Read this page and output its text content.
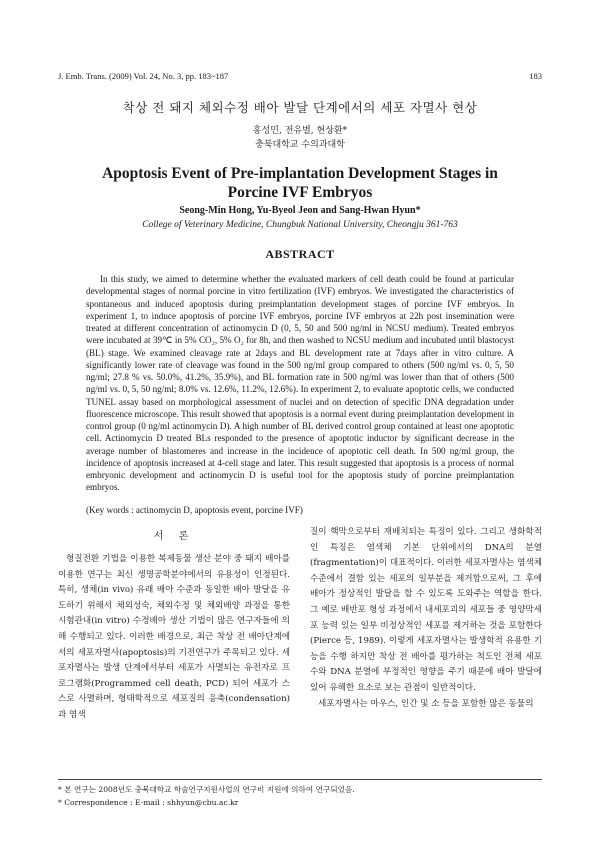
J. Emb. Trans. (2009) Vol. 24, No. 3, pp. 183~187	183
착상 전 돼지 체외수정 배아 발달 단계에서의 세포 자멸사 현상
홍성민, 전유별, 현상환*
충북대학교 수의과대학
Apoptosis Event of Pre-implantation Development Stages in
Porcine IVF Embryos
Seong-Min Hong, Yu-Byeol Jeon and Sang-Hwan Hyun*
College of Veterinary Medicine, Chungbuk National University, Cheongju 361-763
ABSTRACT

In this study, we aimed to determine whether the evaluated markers of cell death could be found at particular developmental stages of normal porcine in vitro fertilization (IVF) embryos. We investigated the characteristics of spontaneous and induced apoptosis during preimplantation development stages of porcine IVF embryos. In experiment 1, to induce apoptosis of porcine IVF embryos, porcine IVF embryos at 22h post insemination were treated at different concentration of actinomycin D (0, 5, 50 and 500 ng/ml in NCSU medium). Treated embryos were incubated at 39℃ in 5% CO₂, 5% O₂ for 8h, and then washed to NCSU medium and incubated until blastocyst (BL) stage. We examined cleavage rate at 2days and BL development rate at 7days after in vitro culture. A significantly lower rate of cleavage was found in the 500 ng/ml group compared to others (500 ng/ml vs. 0, 5, 50 ng/ml; 27.8 % vs. 50.0%, 41.2%, 35.9%), and BL formation rate in 500 ng/ml was lower than that of others (500 ng/ml vs. 0, 5, 50 ng/ml; 8.0% vs. 12.6%, 11.2%, 12.6%). In experiment 2, to evaluate apoptotic cells, we conducted TUNEL assay based on morphological assessment of nuclei and on detection of specific DNA degradation under fluorescence microscope. This result showed that apoptosis is a normal event during preimplantation development in control group (0 ng/ml actinomycin D). A high number of BL derived control group contained at least one apoptotic cell. Actinomycin D treated BLs responded to the presence of apoptotic inductor by significant decrease in the average number of blastomeres and increase in the incidence of apoptotic cell death. In 500 ng/ml group, the incidence of apoptosis increased at 4-cell stage and later. This result suggested that apoptosis is a process of normal embryonic development and actinomycin D is useful tool for the apoptosis study of porcine preimplantation embryos.

(Key words : actinomycin D, apoptosis event, porcine IVF)
서 론

형질전환 기법을 이용한 복제동물 생산 분야 중 돼지 배아를 이용한 연구는 최신 생명공학분야에서의 유용성이 인정된다. 특히, 생체(in vivo) 유래 배아 수준과 동일한 배아 발달을 유도하기 위해서 체외성숙, 체외수정 및 체외배양 과정을 통한 시험관내(in vitro) 수정배아 생산 기법이 많은 연구자들에 의해 수행되고 있다. 이러한 배경으로, 최근 착상 전 배아단계에서의 세포자멸사(apoptosis)의 기전연구가 주목되고 있다. 세포자멸사는 발생 단계에서부터 세포가 사멸되는 유전자로 프로그램화(Programmed cell death, PCD) 되어 세포가 스스로 사멸하며, 형태학적으로 세포질의 응축(condensation)과 염색

질이 핵막으로부터 재배치되는 특징이 있다. 그리고 생화학적인 특징은 염색체 기본 단위에서의 DNA의 분열(fragmentation)이 대표적이다. 이러한 세포자멸사는 염색체 수준에서 결함 있는 세포의 일부분을 제거함으로써, 그 후에 배아가 정상적인 발달을 할 수 있도록 도와주는 역할을 한다. 그 예로 배반포 형성 과정에서 내세포괴의 세포들 중 영양막세포 능력 있는 일부 비정상적인 세포를 제거하는 것을 포함한다(Pierce 등, 1989). 이렇게 세포자멸사는 발생학적 유용한 기능을 수행 하지만 착상 전 배아를 평가하는 척도인 전체 세포수와 DNA 분열에 부정적인 영향을 주기 때문에 배아 발달에 있어 유해한 요소로 보는 관점이 일반적이다.

세포자멸사는 마우스, 인간 및 소 등을 포함한 많은 동물의

* 본 연구는 2008년도 충북대학교 학술연구지원사업의 연구비 지원에 의하여 연구되었음.
* Correspondence : E-mail : shhyun@cbu.ac.kr
